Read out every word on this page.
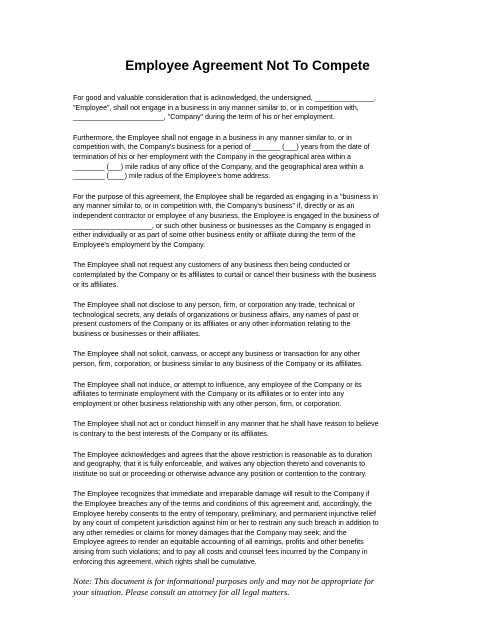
Employee Agreement Not To Compete

For good and valuable consideration that is acknowledged, the undersigned, _______________,
"Employee", shall not engage in a business in any manner similar to, or in competition with,
_______________________, "Company" during the term of his or her employment.

Furthermore, the Employee shall not engage in a business in any manner similar to, or in
competition with, the Company's business for a period of _______ (___) years from the date of
termination of his or her employment with the Company in the geographical area within a
________ (___) mile radius of any office of the Company, and the geographical area within a
________ (____) mile radius of the Employee's home address.

For the purpose of this agreement, the Employee shall be regarded as engaging in a "business in
any manner similar to, or in competition with, the Company's business" if, directly or as an
independent contractor or employee of any business, the Employee is engaged in the business of
____________________, or such other business or businesses as the Company is engaged in
either individually or as part of some other business entity or affiliate during the term of the
Employee's employment by the Company.

The Employee shall not request any customers of any business then being conducted or
contemplated by the Company or its affiliates to curtail or cancel their business with the business
or its affiliates.

The Employee shall not disclose to any person, firm, or corporation any trade, technical or
technological secrets, any details of organizations or business affairs, any names of past or
present customers of the Company or its affiliates or any other information relating to the
business or businesses or their affiliates.

The Employee shall not solicit, canvass, or accept any business or transaction for any other
person, firm, corporation, or business similar to any business of the Company or its affiliates.

The Employee shall not induce, or attempt to influence, any employee of the Company or its
affiliates to terminate employment with the Company or its affiliates or to enter into any
employment or other business relationship with any other person, firm, or corporation.

The Employee shall not act or conduct himself in any manner that he shall have reason to believe
is contrary to the best interests of the Company or its affiliates.

The Employee acknowledges and agrees that the above restriction is reasonable as to duration
and geography, that it is fully enforceable, and waives any objection thereto and covenants to
institute no suit or proceeding or otherwise advance any position or contention to the contrary.

The Employee recognizes that immediate and irreparable damage will result to the Company if
the Employee breaches any of the terms and conditions of this agreement and, accordingly, the
Employee hereby consents to the entry of temporary, preliminary, and permanent injunctive relief
by any court of competent jurisdiction against him or her to restrain any such breach in addition to
any other remedies or claims for money damages that the Company may seek; and the
Employee agrees to render an equitable accounting of all earnings, profits and other benefits
arising from such violations; and to pay all costs and counsel fees incurred by the Company in
enforcing this agreement, which rights shall be cumulative.

Note: This document is for informational purposes only and may not be appropriate for
your situation. Please consult an attorney for all legal matters.
